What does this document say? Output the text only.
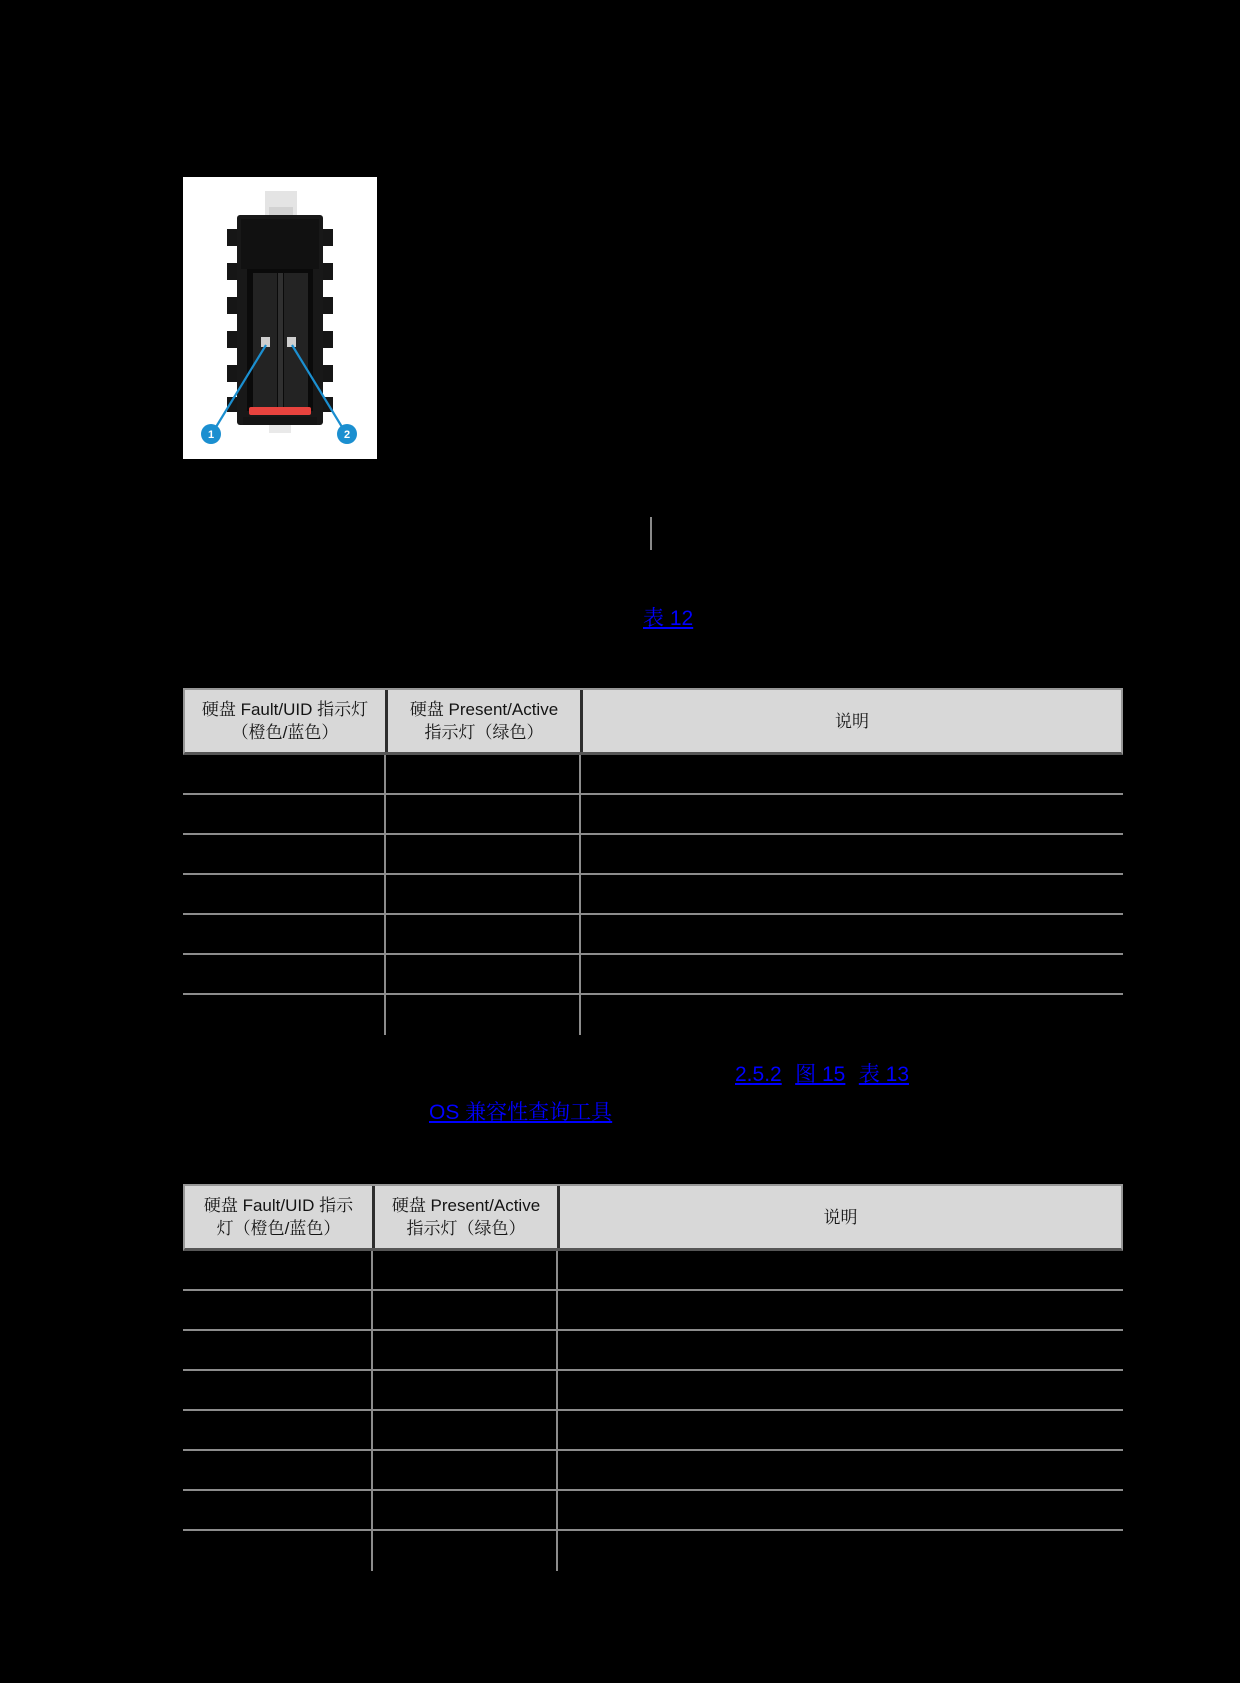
1	2
表 12
硬盘 Fault/UID 指示灯
（橙色/蓝色）
硬盘 Present/Active
指示灯（绿色）
说明
2.5.2 图 15 表 13
OS 兼容性查询工具
硬盘 Fault/UID 指示
灯（橙色/蓝色）
硬盘 Present/Active
指示灯（绿色）
说明
